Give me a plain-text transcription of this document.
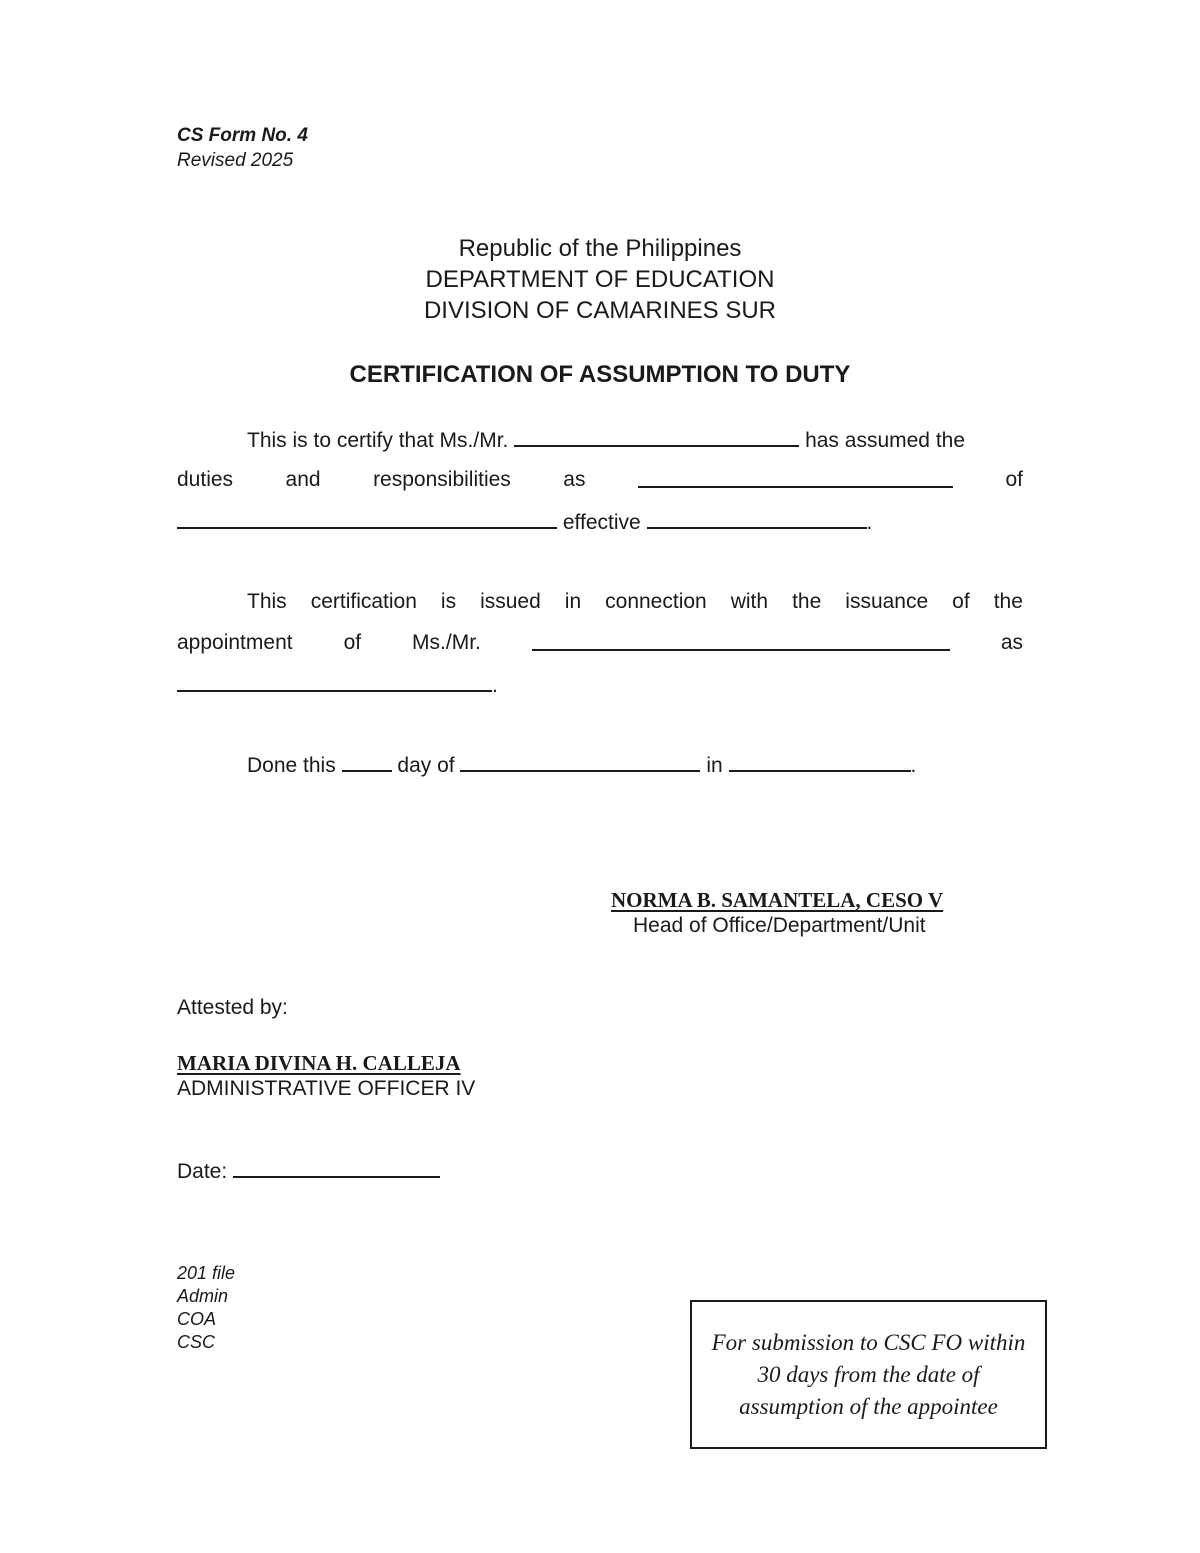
CS Form No. 4
Revised 2025
Republic of the Philippines
DEPARTMENT OF EDUCATION
DIVISION OF CAMARINES SUR
CERTIFICATION OF ASSUMPTION TO DUTY
This is to certify that Ms./Mr.	has assumed the
duties and responsibilities as	of
effective	.
This certification is issued in connection with the issuance of the
appointment of Ms./Mr.	as
.
Done this	day of	in	.
NORMA B. SAMANTELA, CESO V
Head of Office/Department/Unit
Attested by:
MARIA DIVINA H. CALLEJA
ADMINISTRATIVE OFFICER IV
Date:
201 file
Admin
COA
CSC	For submission to CSC FO within 30 days from the date of assumption of the appointee
